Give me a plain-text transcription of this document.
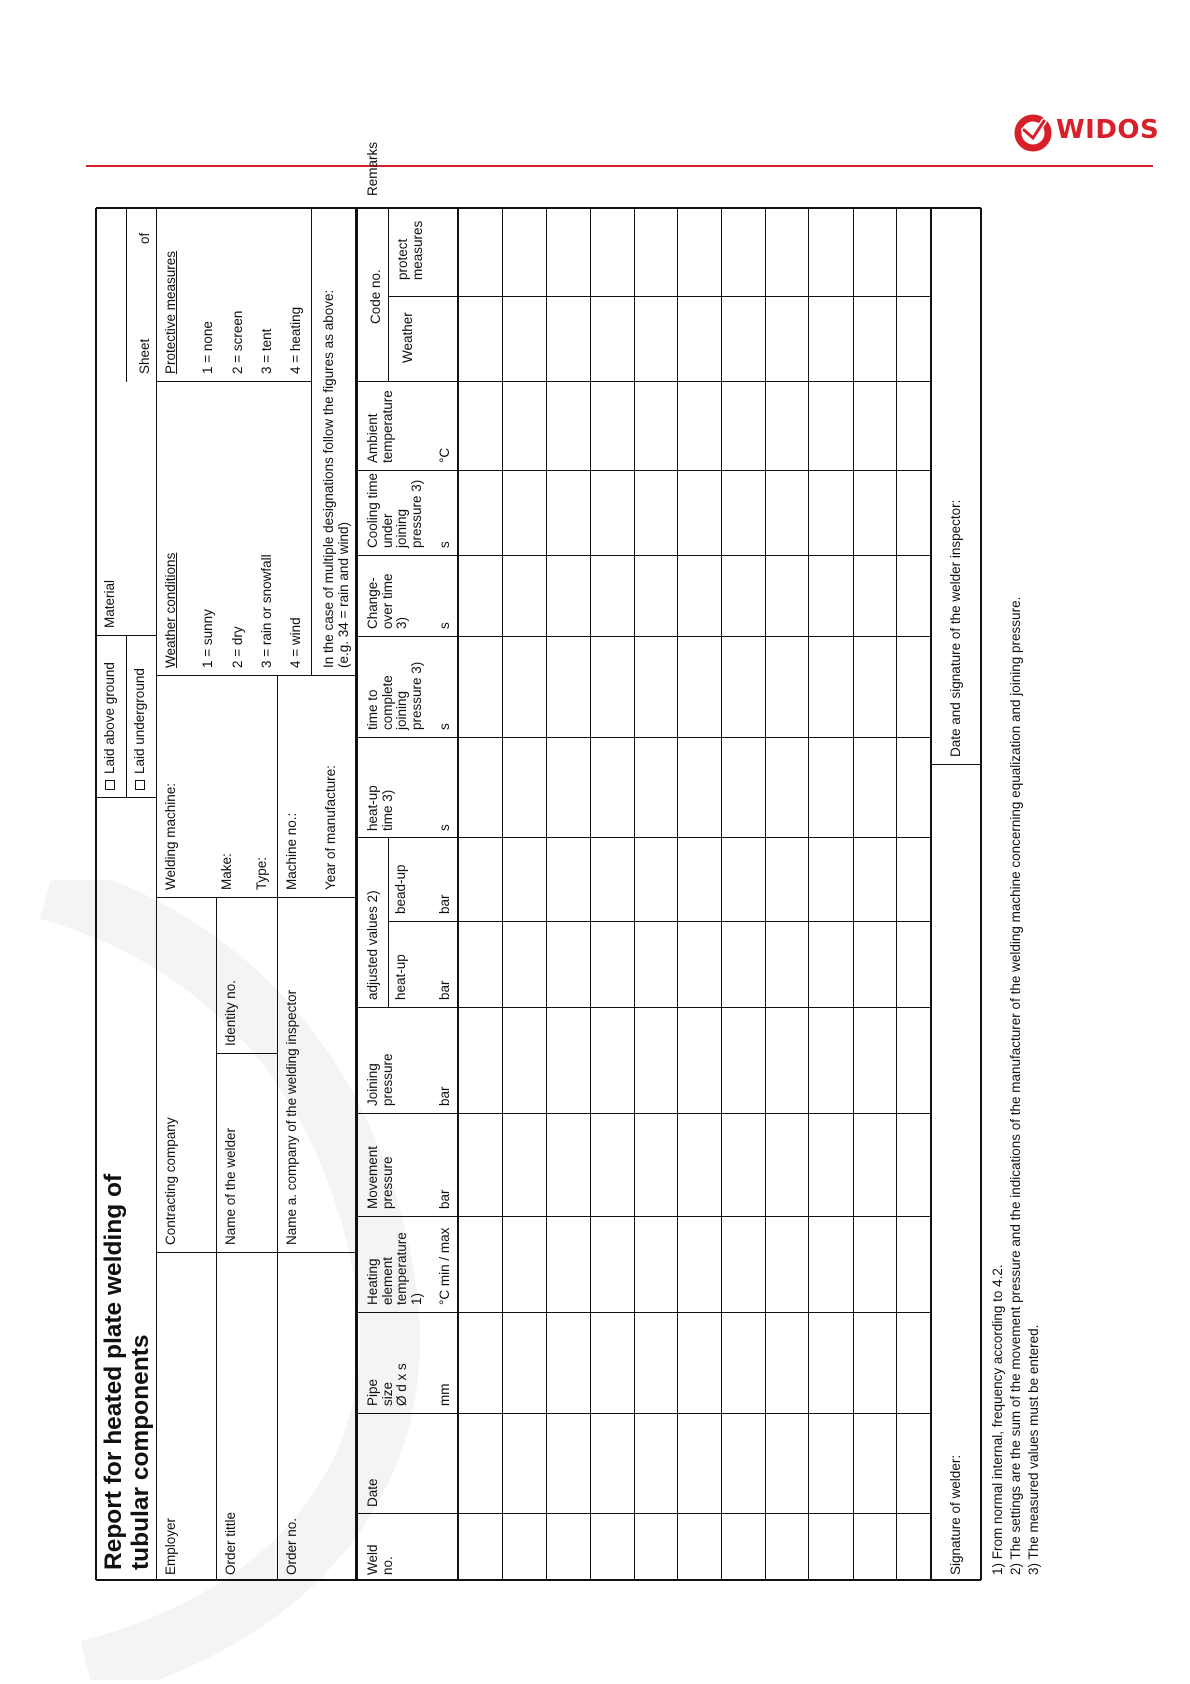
WIDOS
Report for heated plate welding of
tubular components
Laid above ground Laid underground
Material
Sheet
of
Employer
Contracting company
Welding machine:
Order tittle
Name of the welder
Identity no.
Make: Type:
Order no.
Name a. company of the welding inspector
Machine no.: Year of manufacture:
Weather conditions 1 = sunny 2 = dry 3 = rain or snowfall 4 = wind
Protective measures 1 = none 2 = screen 3 = tent 4 = heating
In the case of multiple designations follow the figures as above:
(e.g. 34 = rain and wind)
Weld
no.
Date
Pipe
size
Ø d x s
Heating
element
temperature
1)
Movement
pressure
Joining
pressure
adjusted values 2) heat-up
bead-up
heat-up
time 3)
time to
complete
joining
pressure 3)
Change-
over time
3)
Cooling time
under
joining
pressure 3)
Ambient
temperature
Code no.
Weather
protect
measures
Remarks
mm
°C min / max
bar
bar
bar
bar
s
s
s
s
°C
Signature of welder:
Date and signature of the welder inspector:
1) From normal internal, frequency according to 4.2. 2) The settings are the sum of the movement pressure and the indications of the manufacturer of the welding machine concerning equalization and joining pressure. 3) The measured values must be entered.
